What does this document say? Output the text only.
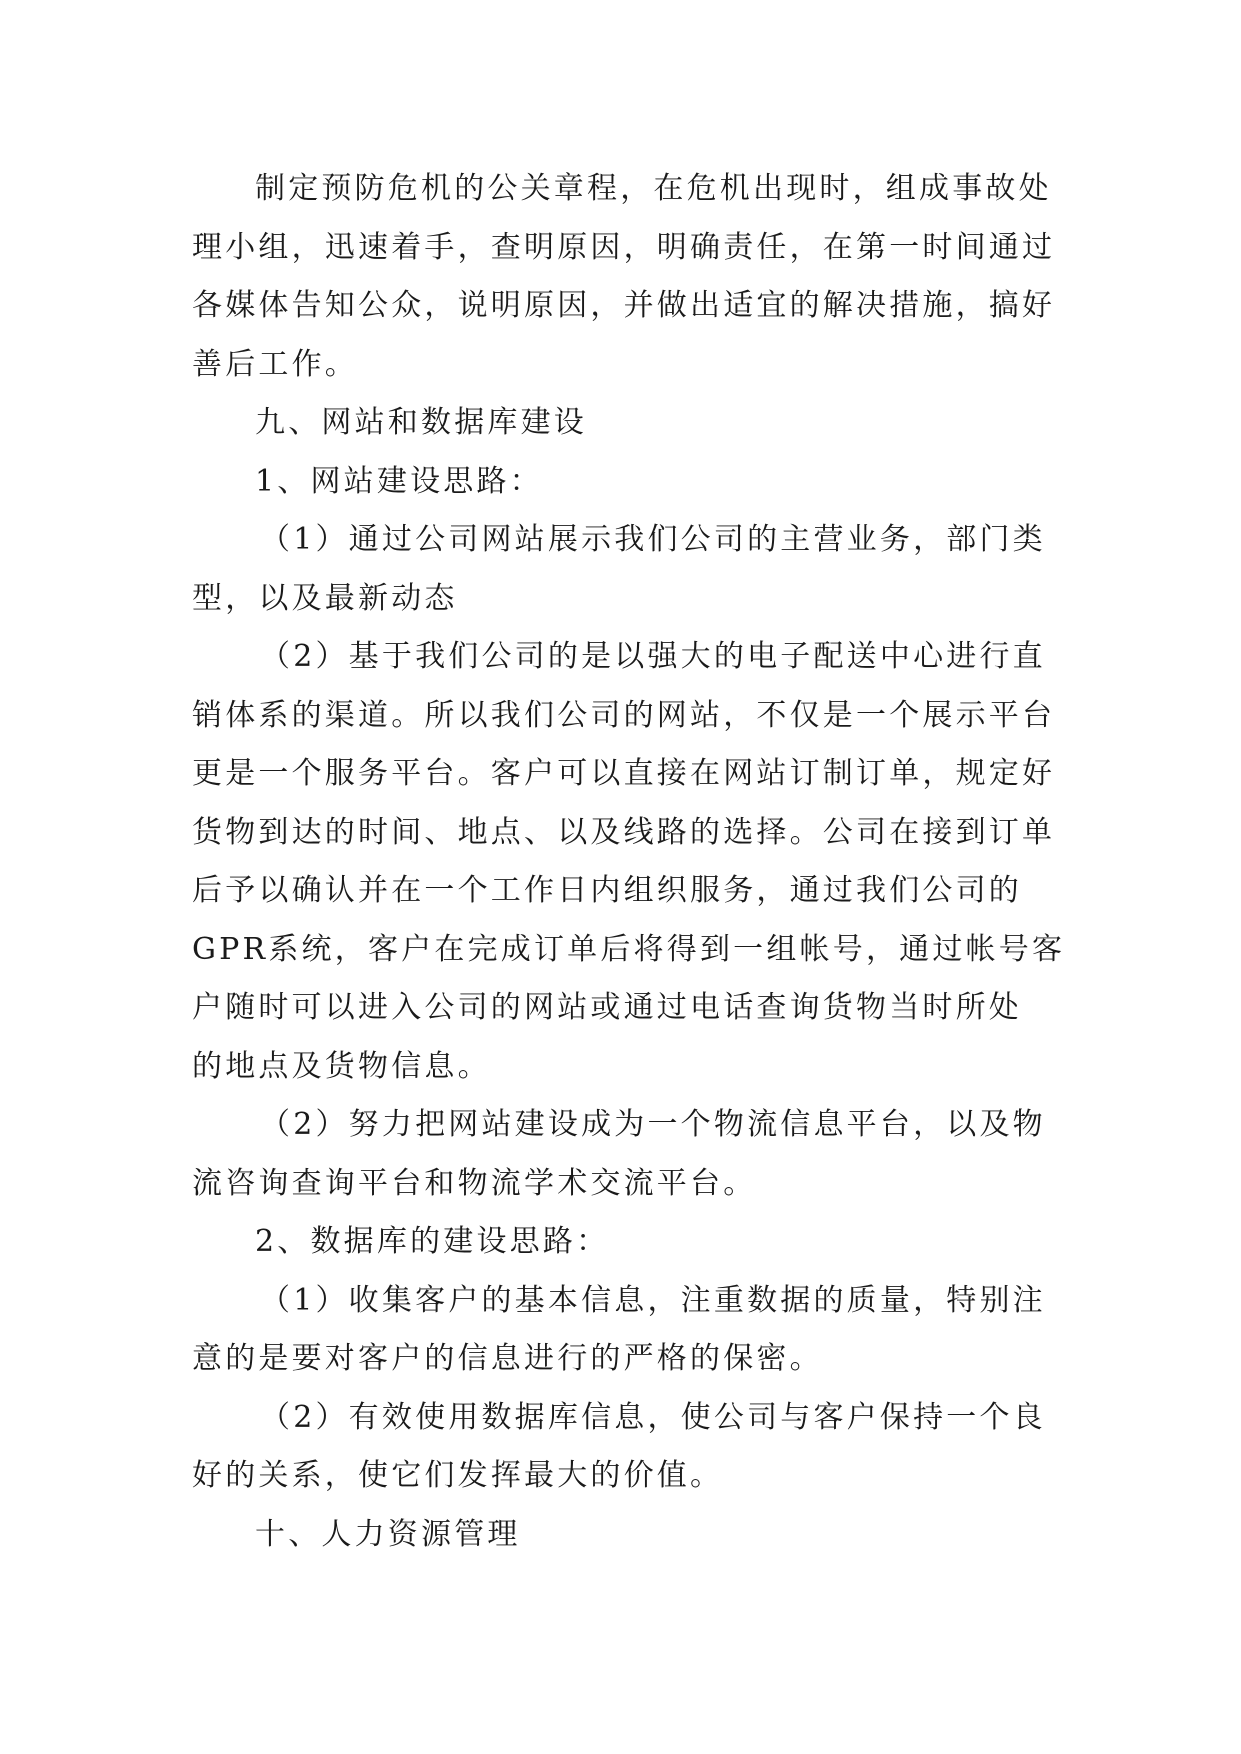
制定预防危机的公关章程，在危机出现时，组成事故处
理小组，迅速着手，查明原因，明确责任，在第一时间通过
各媒体告知公众，说明原因，并做出适宜的解决措施，搞好
善后工作。
九、网站和数据库建设
1、网站建设思路：
（1）通过公司网站展示我们公司的主营业务，部门类
型，以及最新动态
（2）基于我们公司的是以强大的电子配送中心进行直
销体系的渠道。所以我们公司的网站，不仅是一个展示平台
更是一个服务平台。客户可以直接在网站订制订单，规定好
货物到达的时间、地点、以及线路的选择。公司在接到订单
后予以确认并在一个工作日内组织服务，通过我们公司的
GPR系统，客户在完成订单后将得到一组帐号，通过帐号客
户随时可以进入公司的网站或通过电话查询货物当时所处
的地点及货物信息。
（2）努力把网站建设成为一个物流信息平台，以及物
流咨询查询平台和物流学术交流平台。
2、数据库的建设思路：
（1）收集客户的基本信息，注重数据的质量，特别注
意的是要对客户的信息进行的严格的保密。
（2）有效使用数据库信息，使公司与客户保持一个良
好的关系，使它们发挥最大的价值。
十、人力资源管理
